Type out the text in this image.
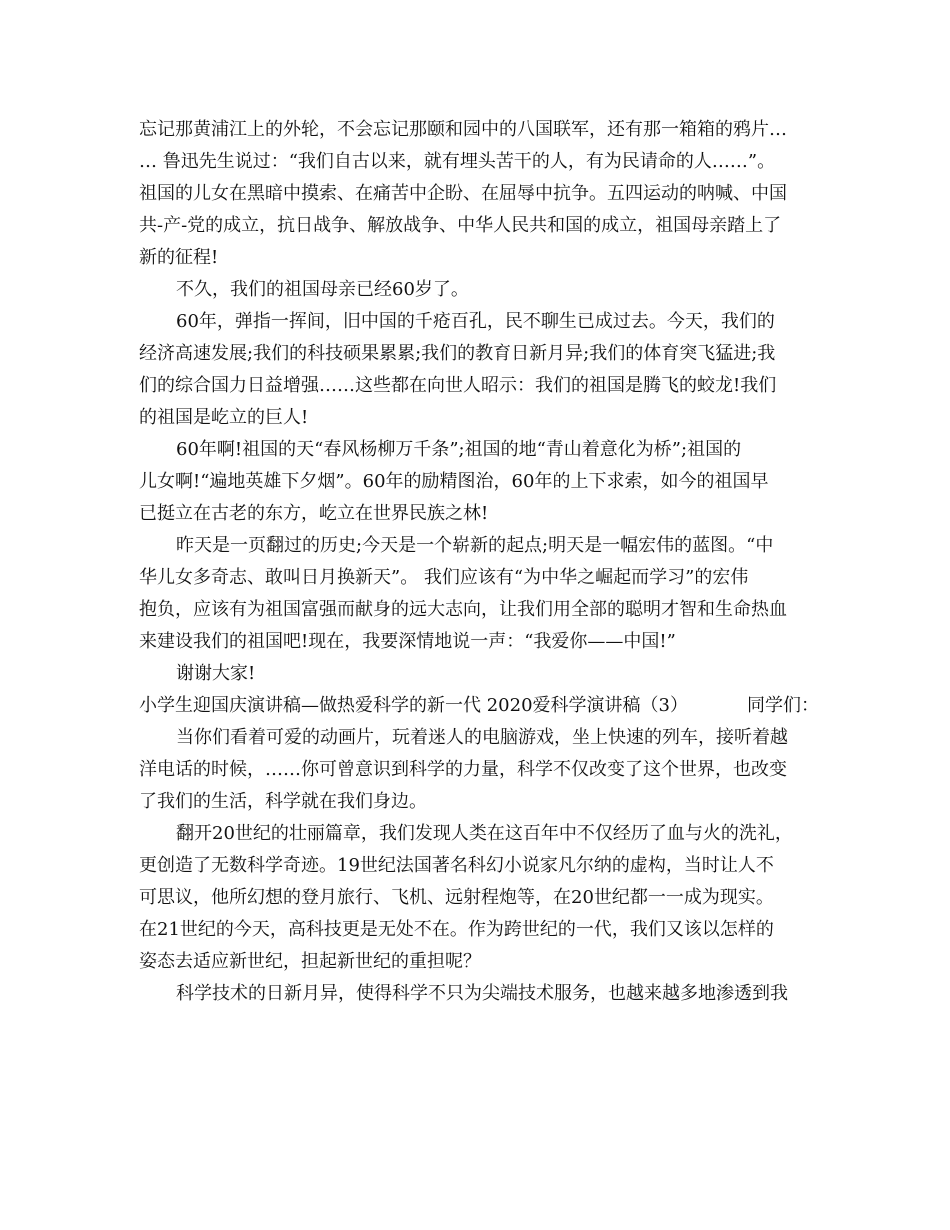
忘记那黄浦江上的外轮，不会忘记那颐和园中的八国联军，还有那一箱箱的鸦片…
… 鲁迅先生说过：“我们自古以来，就有埋头苦干的人，有为民请命的人……”。
祖国的儿女在黑暗中摸索、在痛苦中企盼、在屈辱中抗争。五四运动的呐喊、中国
共-产-党的成立，抗日战争、解放战争、中华人民共和国的成立，祖国母亲踏上了
新的征程!
不久，我们的祖国母亲已经60岁了。
60年，弹指一挥间，旧中国的千疮百孔，民不聊生已成过去。今天，我们的
经济高速发展;我们的科技硕果累累;我们的教育日新月异;我们的体育突飞猛进;我
们的综合国力日益增强……这些都在向世人昭示：我们的祖国是腾飞的蛟龙!我们
的祖国是屹立的巨人!
60年啊!祖国的天“春风杨柳万千条”;祖国的地“青山着意化为桥”;祖国的
儿女啊!“遍地英雄下夕烟”。60年的励精图治，60年的上下求索，如今的祖国早
已挺立在古老的东方，屹立在世界民族之林!
昨天是一页翻过的历史;今天是一个崭新的起点;明天是一幅宏伟的蓝图。“中
华儿女多奇志、敢叫日月换新天”。 我们应该有“为中华之崛起而学习”的宏伟
抱负，应该有为祖国富强而献身的远大志向，让我们用全部的聪明才智和生命热血
来建设我们的祖国吧!现在，我要深情地说一声：“我爱你——中国!”
谢谢大家!
小学生迎国庆演讲稿—做热爱科学的新一代 2020爱科学演讲稿（3）	同学们：
当你们看着可爱的动画片，玩着迷人的电脑游戏，坐上快速的列车，接听着越
洋电话的时候，……你可曾意识到科学的力量，科学不仅改变了这个世界，也改变
了我们的生活，科学就在我们身边。
翻开20世纪的壮丽篇章，我们发现人类在这百年中不仅经历了血与火的洗礼，
更创造了无数科学奇迹。19世纪法国著名科幻小说家凡尔纳的虚构，当时让人不
可思议，他所幻想的登月旅行、飞机、远射程炮等，在20世纪都一一成为现实。
在21世纪的今天，高科技更是无处不在。作为跨世纪的一代，我们又该以怎样的
姿态去适应新世纪，担起新世纪的重担呢？
科学技术的日新月异，使得科学不只为尖端技术服务，也越来越多地渗透到我
